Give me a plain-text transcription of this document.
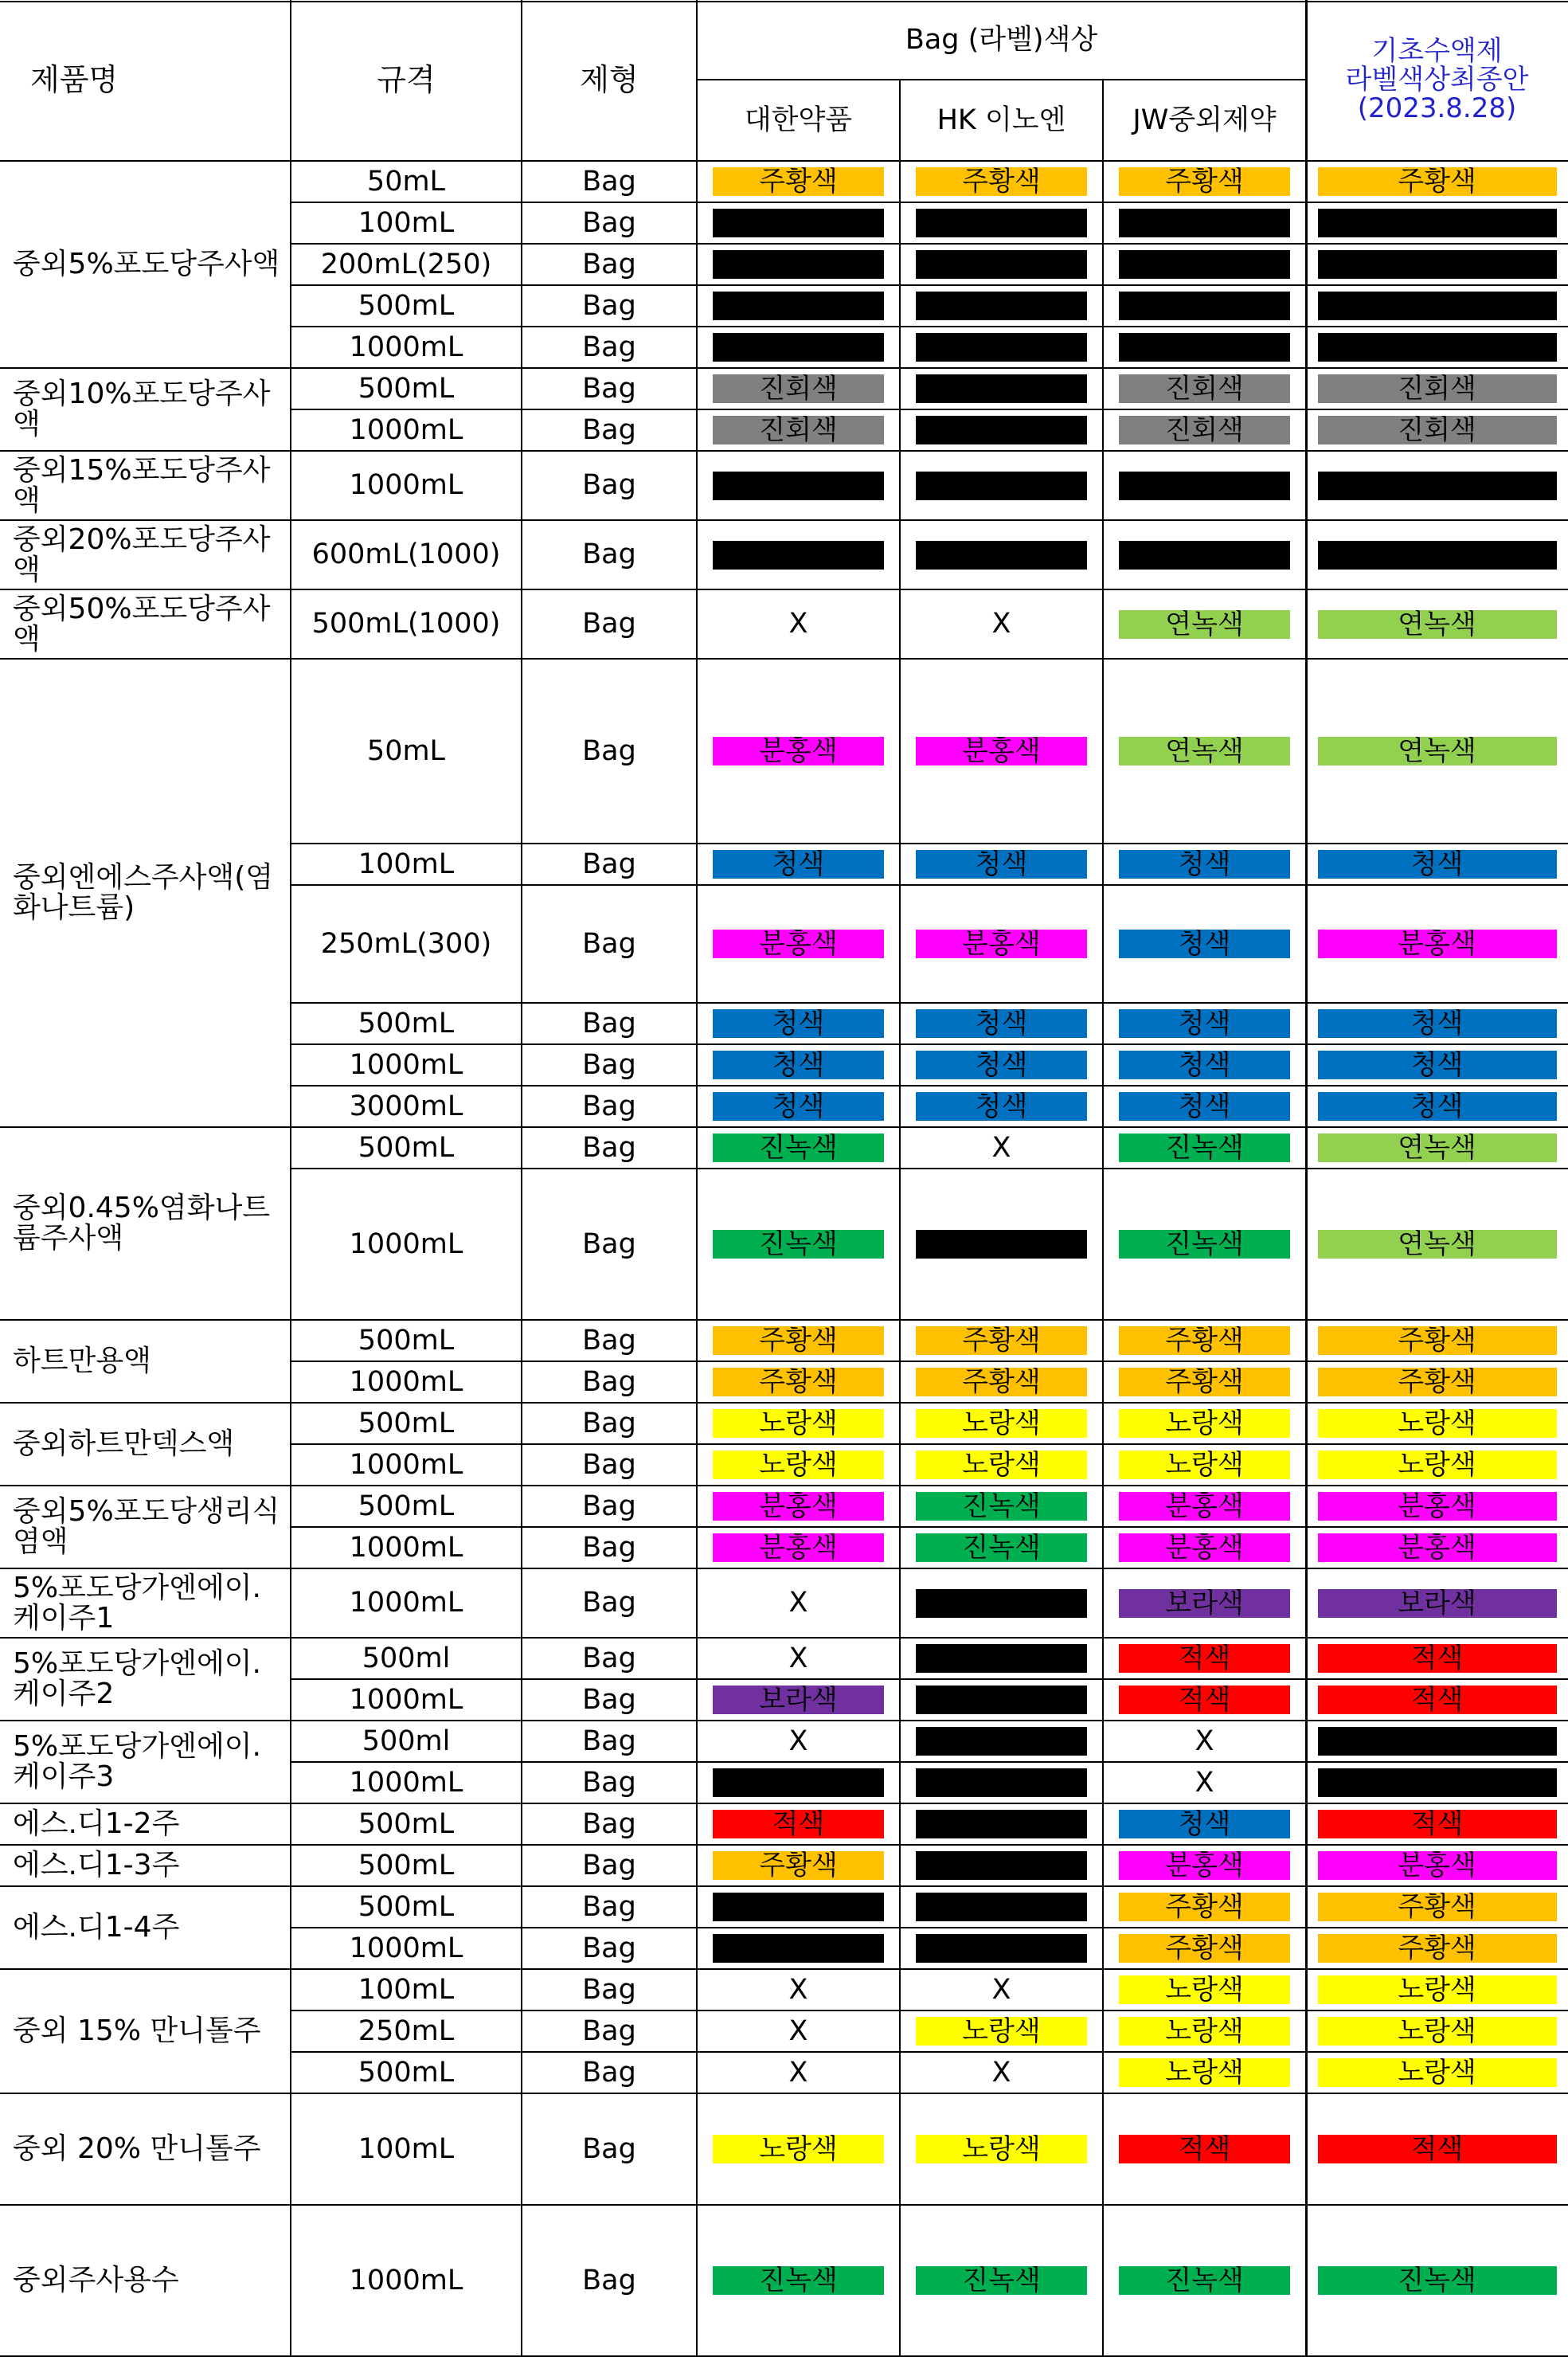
제품명	규격	제형
Bag (라벨)색상
대한약품	HK 이노엔	JW중외제약
기초수액제
라벨색상최종안
(2023.8.28)
중외5%포도당주사액
50mL	Bag	주황색	주황색	주황색	주황색
100mL	Bag	흑색	흑색	흑색	흑색
200mL(250)	Bag	흑색	흑색	흑색	흑색
500mL	Bag	흑색	흑색	흑색	흑색
1000mL	Bag	흑색	흑색	흑색	흑색
중외10%포도당주사액
500mL	Bag	진회색	흑색	진회색	진회색
1000mL	Bag	진회색	흑색	진회색	진회색
중외15%포도당주사액	1000mL	Bag	흑색	흑색	흑색	흑색
중외20%포도당주사액	600mL(1000)	Bag	흑색	흑색	흑색	흑색
중외50%포도당주사액	500mL(1000)	Bag	X	X	연녹색	연녹색
중외엔에스주사액(염화나트륨)
50mL	Bag	분홍색	분홍색	연녹색	연녹색
100mL	Bag	청색	청색	청색	청색
250mL(300)	Bag	분홍색	분홍색	청색	분홍색
500mL	Bag	청색	청색	청색	청색
1000mL	Bag	청색	청색	청색	청색
3000mL	Bag	청색	청색	청색	청색
중외0.45%염화나트륨주사액
500mL	Bag	진녹색	X	진녹색	연녹색
1000mL	Bag	진녹색	흑색	진녹색	연녹색
하트만용액
500mL	Bag	주황색	주황색	주황색	주황색
1000mL	Bag	주황색	주황색	주황색	주황색
중외하트만덱스액
500mL	Bag	노랑색	노랑색	노랑색	노랑색
1000mL	Bag	노랑색	노랑색	노랑색	노랑색
중외5%포도당생리식염액
500mL	Bag	분홍색	진녹색	분홍색	분홍색
1000mL	Bag	분홍색	진녹색	분홍색	분홍색
5%포도당가엔에이.케이주1	1000mL	Bag	X	흑색	보라색	보라색
5%포도당가엔에이.케이주2
500ml	Bag	X	흑색	적색	적색
1000mL	Bag	보라색	흑색	적색	적색
5%포도당가엔에이.케이주3
500ml	Bag	X	흑색	X	흑색
1000mL	Bag	흑색	흑색	X	흑색
에스.디1-2주	500mL	Bag	적색	흑색	청색	적색
에스.디1-3주	500mL	Bag	주황색	흑색	분홍색	분홍색
에스.디1-4주
500mL	Bag	흑색	흑색	주황색	주황색
1000mL	Bag	흑색	흑색	주황색	주황색
중외 15% 만니톨주
100mL	Bag	X	X	노랑색	노랑색
250mL	Bag	X	노랑색	노랑색	노랑색
500mL	Bag	X	X	노랑색	노랑색
중외 20% 만니톨주	100mL	Bag	노랑색	노랑색	적색	적색
중외주사용수	1000mL	Bag	진녹색	진녹색	진녹색	진녹색
